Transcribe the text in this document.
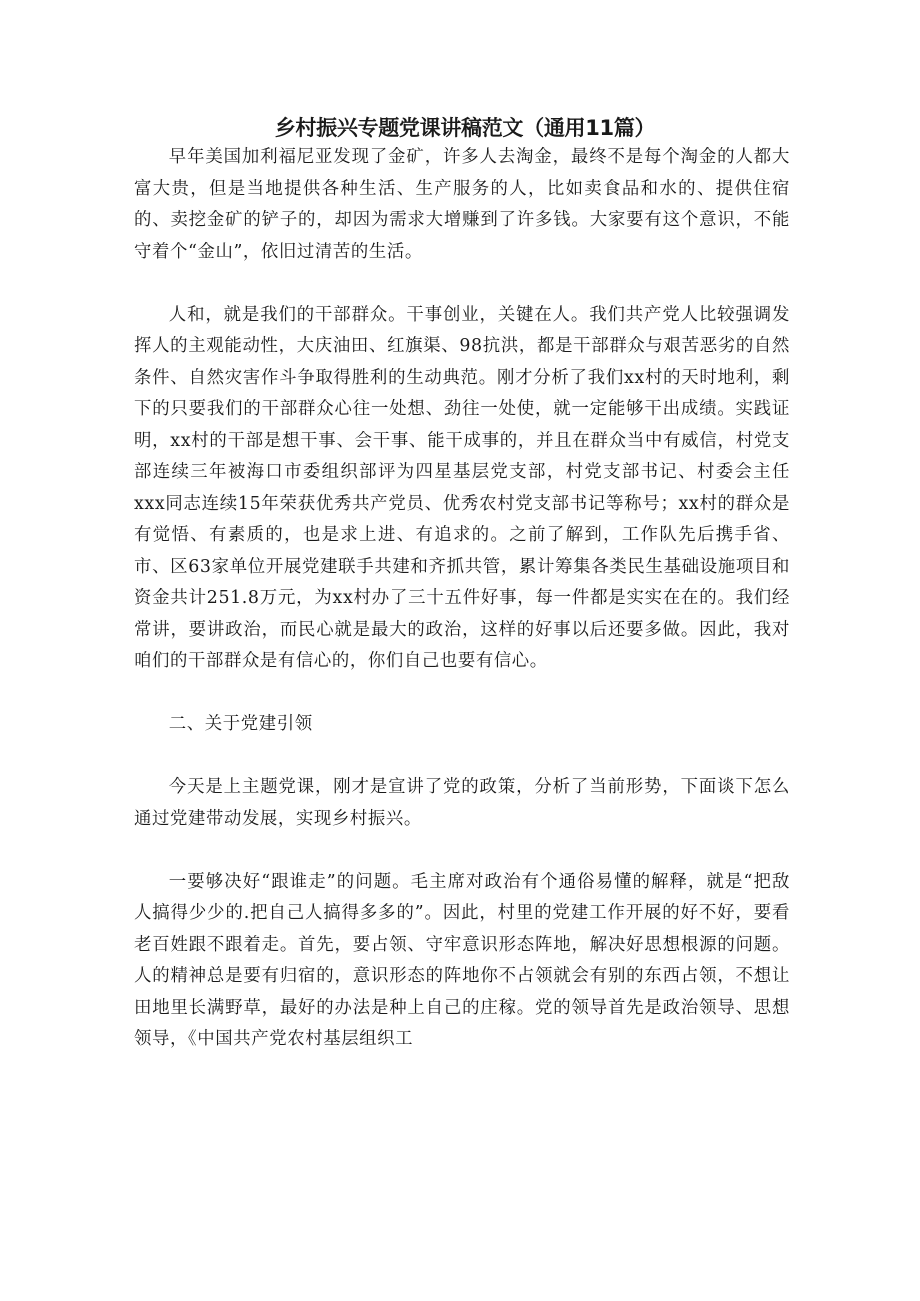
乡村振兴专题党课讲稿范文（通用11篇）

早年美国加利福尼亚发现了金矿，许多人去淘金，最终不是每个淘金的人都大富大贵，但是当地提供各种生活、生产服务的人，比如卖食品和水的、提供住宿的、卖挖金矿的铲子的，却因为需求大增赚到了许多钱。大家要有这个意识，不能守着个“金山”，依旧过清苦的生活。

人和，就是我们的干部群众。干事创业，关键在人。我们共产党人比较强调发挥人的主观能动性，大庆油田、红旗渠、98抗洪，都是干部群众与艰苦恶劣的自然条件、自然灾害作斗争取得胜利的生动典范。刚才分析了我们xx村的天时地利，剩下的只要我们的干部群众心往一处想、劲往一处使，就一定能够干出成绩。实践证明，xx村的干部是想干事、会干事、能干成事的，并且在群众当中有威信，村党支部连续三年被海口市委组织部评为四星基层党支部，村党支部书记、村委会主任xxx同志连续15年荣获优秀共产党员、优秀农村党支部书记等称号；xx村的群众是有觉悟、有素质的，也是求上进、有追求的。之前了解到，工作队先后携手省、市、区63家单位开展党建联手共建和齐抓共管，累计筹集各类民生基础设施项目和资金共计251.8万元，为xx村办了三十五件好事，每一件都是实实在在的。我们经常讲，要讲政治，而民心就是最大的政治，这样的好事以后还要多做。因此，我对咱们的干部群众是有信心的，你们自己也要有信心。

二、关于党建引领

今天是上主题党课，刚才是宣讲了党的政策，分析了当前形势，下面谈下怎么通过党建带动发展，实现乡村振兴。

一要够决好“跟谁走”的问题。毛主席对政治有个通俗易懂的解释，就是“把敌人搞得少少的.把自己人搞得多多的”。因此，村里的党建工作开展的好不好，要看老百姓跟不跟着走。首先，要占领、守牢意识形态阵地，解决好思想根源的问题。人的精神总是要有归宿的，意识形态的阵地你不占领就会有别的东西占领，不想让田地里长满野草，最好的办法是种上自己的庄稼。党的领导首先是政治领导、思想领导，《中国共产党农村基层组织工
